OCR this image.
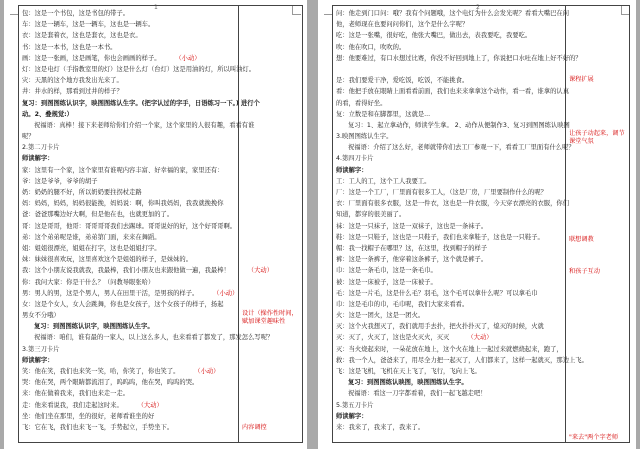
1
包：这是一个书包，这是书包的带子。
车：这是一辆车，这是一辆车，这也是一辆车。
衣：这是套着衣，这也是套衣，这也是衣。
书：这是一本书，这也是一本书。
画：这是一张画，这是画笔，你也会画画的样子。	（小动）
灯：这是电灯（手指教室里的灯）这是什么灯（台灯）这是用油的灯，所以叫油灯。
灾：天黑的这个地方我发出光来了。
井：井水的样，那看到过井的样子？
复习：到图图练认识字，映图图练认生字。(把字认过的字手，日语练习一下。) 进行个
动。2、叠规觉:）
祝福语：真棒！接下来老师给你们介绍一个家，这个家里的人很有趣，看看有谁
呢？
2.第二刀卡片
师读解字：
家：这里有一个家，这个家里有谁呢内容丰富、好幸福的家，家里还有：
爷：这是爷爷，爷爷的胡子
奶：奶奶的腿不好，所以奶奶要拄拐杖走路
妈：妈妈，妈妈，妈妈很能挽，妈妈说：啊，你叫我妈妈，我我就挽挽你
爸：爸爸那嘴边好大啊，但是他在也，也就更加的了。
哥：这是哥哥，他哥：哥哥哥哥我们去踢球。哥哥说好的好，这个好哥哥啊。
弟：这个弟弟呢是谁，弟弟第门面，来来在舞蹈。
姐：姐姐很漂亮，姐姐在打字，这也是姐姐打字。
妹：妹妹很喜欢玩，这里喜欢这个是姐姐的样子，是妹妹的。
我：这个小朋友说我就我，我最棒，我们小朋友也来跟他做一遍，我最棒！	（大动）
你：我问大家：你是干什么？（问教导眼张哈）
男：男人的男，这是个男人，男人在田里干活，是男孩的样子。	（小动）
女：这是个女人，女人会跳舞，你也是女孩子，这个女孩子的样子，扬起
男女不分哦）
复习：到图图练认识字，映图图练认生字。
祝福语：咱们，谁有最的一家人，以上这么多人，也来看看了都发了，那发怎么写呢？
3.第三刀卡片
师读解字：
笑：他在笑，我们也来笑一笑，哈，你笑了，你也笑了。	（小动）
哭：他在哭，两个眼睛都流泪了，呜呜呜，他在哭，呜呜的哭。
来：他在做着我来，我们也来走一走。
走：他来看说我，我们走起这时来。	（大动）
坐：他们坐在那里，坐的很好，老师看谁坐的好
飞：它在飞，我们也来飞一飞，手势起立，手势坐下。
设计（操作性时间，赋加课堂趣味性
内容调控
2
问：他走到门口问：哦？我有个问题哦，这个电灯为什么会发光呢？看看大嘴巴在问
他，老师现在也要问问你们，这个是什么字呢？
吃：这是一张嘴，很好吃，他张大嘴巴，做出去，表我要吃，我要吃。
吹：他在吹口，吹吹的。
想：他要难过，有口水想过比赛，你没不好回到地上了，你说把口水吐在地上好不好的？
是：我们要爱干净，爱吃饭，吃饭，不能挑食。
看：他把手放在眼睛上面看看前面，我们也来来拿拿这个动作，看一看，谁拿的认真
的看，看得好坐。
复：立数是和在脚都里，这就是...
复习：1、起立拿动作，师读学生拿。 2、动作从便制作3、复习到图图练认映图
3.映图图练认生字。
祝福语：介绍了这么好，老师就带你们去工厂参观一下，看看工厂里面有什么呢？
4.第四刀卡片
师读解字：
工：工人的工，这个工人我要工。
厂：这是一个工厂，厂里面有很多工人，（这是厂房，厂里要制作什么的呢？
衣：厂里面有很多衣服，这是一件衣，这也是一件衣服，今天穿衣漂亮的衣服，你们
知道，都穿的很美丽了。
袜：这是一只袜子，这是一双袜子，这也是一条袜子。
鞋：这是一只鞋子，这也是一只鞋子，我们也来拿鞋子，这也是一只鞋子。
帽：我一找帽子在哪里？这，在这里，找到帽子的样子
裤：这是一条裤子，他穿着这条裤子，这个就是裤子。
巾：这是一条毛巾，这是一条毛巾。
被：这是一床被子，这是一床被子。
毛：这是一片毛，这是什么毛？羽毛，这个毛可以拿什么呢？可以拿毛巾
巾：这是毛巾的巾，毛巾呢，我们大家来看看。
火：这是一团火，这是一团火。
灭：这个火我想灭了，我们就用手去扑，把火扑扑灭了，熄灭的时候，火就
灭：灭了，火灭了，这也是火灭火，灭灭	（大动）
灭：当火烧起来时，一朵花放在地上，这个火在地上一起过来就燃烧起来，跑了，
救：我一个人，爸爸来了，用尽全力把一起灭了，人们都来了，这样一起就灭，那边上飞。
飞：这是飞机，飞机在天上飞了，飞行，飞向上飞。
复习：到图图练认映图，映图图练认生字。
祝福语：看这一刀字都看着，我们一起飞越走吧！
5.第五刀卡片
师读解字：
来：我来了，我来了，我来了。
课程扩展
让孩子动起来，调节课堂气氛
联想调教
和孩子互动
"来去"两个字老师
